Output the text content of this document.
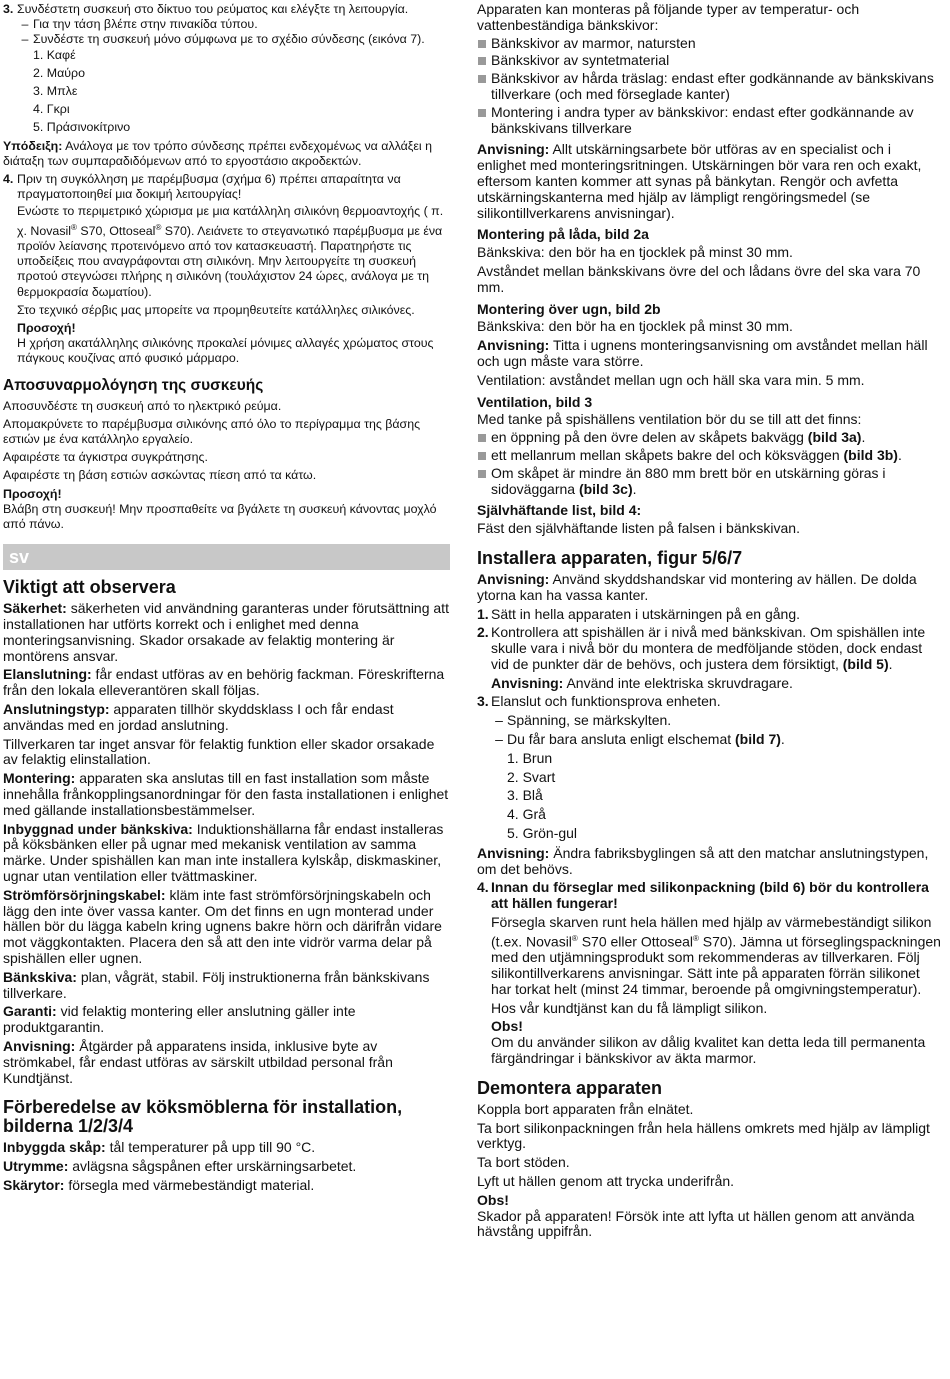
3. Συνδέστετη συσκευή στο δίκτυο του ρεύματος και ελέγξτε τη λειτουργία.
– Για την τάση βλέπε στην πινακίδα τύπου.
– Συνδέστε τη συσκευή μόνο σύμφωνα με το σχέδιο σύνδεσης (εικόνα 7).
1. Καφέ
2. Μαύρο
3. Μπλε
4. Γκρι
5. Πράσινοκίτρινο

Υπόδειξη: Ανάλογα με τον τρόπο σύνδεσης πρέπει ενδεχομένως να αλλάξει η διάταξη των συμπαραδιδόμενων από το εργοστάσιο ακροδεκτών.

4. Πριν τη συγκόλληση με παρέμβυσμα (σχήμα 6) πρέπει απαραίτητα να πραγματοποιηθεί μια δοκιμή λειτουργίας!

Ενώστε το περιμετρικό χώρισμα με μια κατάλληλη σιλικόνη θερμοαντοχής ( π. χ. Novasil® S70, Ottoseal® S70). Λειάνετε το στεγανωτικό παρέμβυσμα με ένα προϊόν λείανσης προτεινόμενο από τον κατασκευαστή. Παρατηρήστε τις υποδείξεις που αναγράφονται στη σιλικόνη. Μην λειτουργείτε τη συσκευή προτού στεγνώσει πλήρης η σιλικόνη (τουλάχιστον 24 ώρες, ανάλογα με τη θερμοκρασία δωματίου).

Στο τεχνικό σέρβις μας μπορείτε να προμηθευτείτε κατάλληλες σιλικόνες.

Προσοχή!
Η χρήση ακατάλληλης σιλικόνης προκαλεί μόνιμες αλλαγές χρώματος στους πάγκους κουζίνας από φυσικό μάρμαρο.
Αποσυναρμολόγηση της συσκευής

Αποσυνδέστε τη συσκευή από το ηλεκτρικό ρεύμα.

Απομακρύνετε το παρέμβυσμα σιλικόνης από όλο το περίγραμμα της βάσης εστιών με ένα κατάλληλο εργαλείο.

Αφαιρέστε τα άγκιστρα συγκράτησης.

Αφαιρέστε τη βάση εστιών ασκώντας πίεση από τα κάτω.

Προσοχή!
Βλάβη στη συσκευή! Μην προσπαθείτε να βγάλετε τη συσκευή κάνοντας μοχλό από πάνω.
sv
Viktigt att observera

Säkerhet: säkerheten vid användning garanteras under förutsättning att installationen har utförts korrekt och i enlighet med denna monteringsanvisning. Skador orsakade av felaktig montering är montörens ansvar.

Elanslutning: får endast utföras av en behörig fackman. Föreskrifterna från den lokala elleverantören skall följas.

Anslutningstyp: apparaten tillhör skyddsklass I och får endast användas med en jordad anslutning.

Tillverkaren tar inget ansvar för felaktig funktion eller skador orsakade av felaktig elinstallation.

Montering: apparaten ska anslutas till en fast installation som måste innehålla frånkopplingsanordningar för den fasta installationen i enlighet med gällande installationsbestämmelser.

Inbyggnad under bänkskiva: Induktionshällarna får endast installeras på köksbänken eller på ugnar med mekanisk ventilation av samma märke. Under spishällen kan man inte installera kylskåp, diskmaskiner, ugnar utan ventilation eller tvättmaskiner.

Strömförsörjningskabel: kläm inte fast strömförsörjningskabeln och lägg den inte över vassa kanter. Om det finns en ugn monterad under hällen bör du lägga kabeln kring ugnens bakre hörn och därifrån vidare mot väggkontakten. Placera den så att den inte vidrör varma delar på spishällen eller ugnen.

Bänkskiva: plan, vågrät, stabil. Följ instruktionerna från bänkskivans tillverkare.

Garanti: vid felaktig montering eller anslutning gäller inte produktgarantin.

Anvisning: Åtgärder på apparatens insida, inklusive byte av strömkabel, får endast utföras av särskilt utbildad personal från Kundtjänst.

Förberedelse av köksmöblerna för installation, bilderna 1/2/3/4

Inbyggda skåp: tål temperaturer på upp till 90 °C.

Utrymme: avlägsna sågspånen efter urskärningsarbetet.

Skärytor: försegla med värmebeständigt material.

Apparaten kan monteras på följande typer av temperatur- och vattenbeständiga bänkskivor:

Bänkskivor av marmor, natursten
Bänkskivor av syntetmaterial
Bänkskivor av hårda träslag: endast efter godkännande av bänkskivans tillverkare (och med förseglade kanter)
Montering i andra typer av bänkskivor: endast efter godkännande av bänkskivans tillverkare

Anvisning: Allt utskärningsarbete bör utföras av en specialist och i enlighet med monteringsritningen. Utskärningen bör vara ren och exakt, eftersom kanten kommer att synas på bänkytan. Rengör och avfetta utskärningskanterna med hjälp av lämpligt rengöringsmedel (se silikontillverkarens anvisningar).

Montering på låda, bild 2a

Bänkskiva: den bör ha en tjocklek på minst 30 mm.

Avståndet mellan bänkskivans övre del och lådans övre del ska vara 70 mm.

Montering över ugn, bild 2b

Bänkskiva: den bör ha en tjocklek på minst 30 mm.

Anvisning: Titta i ugnens monteringsanvisning om avståndet mellan häll och ugn måste vara större.

Ventilation: avståndet mellan ugn och häll ska vara min. 5 mm.

Ventilation, bild 3

Med tanke på spishällens ventilation bör du se till att det finns:

en öppning på den övre delen av skåpets bakvägg (bild 3a).
ett mellanrum mellan skåpets bakre del och köksväggen (bild 3b).
Om skåpet är mindre än 880 mm brett bör en utskärning göras i sidoväggarna (bild 3c).
Självhäftande list, bild 4:

Fäst den självhäftande listen på falsen i bänkskivan.

Installera apparaten, figur 5/6/7

Anvisning: Använd skyddshandskar vid montering av hällen. De dolda ytorna kan ha vassa kanter.

1. Sätt in hella apparaten i utskärningen på en gång.
2. Kontrollera att spishällen är i nivå med bänkskivan. Om spishällen inte skulle vara i nivå bör du montera de medföljande stöden, dock endast vid de punkter där de behövs, och justera dem försiktigt, (bild 5).

Anvisning: Använd inte elektriska skruvdragare.

3. Elanslut och funktionsprova enheten.
– Spänning, se märkskylten.
– Du får bara ansluta enligt elschemat (bild 7).
1. Brun
2. Svart
3. Blå
4. Grå
5. Grön-gul

Anvisning: Ändra fabriksbyglingen så att den matchar anslutningstypen, om det behövs.

4. Innan du förseglar med silikonpackning (bild 6) bör du kontrollera att hällen fungerar!

Försegla skarven runt hela hällen med hjälp av värmebeständigt silikon (t.ex. Novasil® S70 eller Ottoseal® S70). Jämna ut förseglingspackningen med den utjämningsprodukt som rekommenderas av tillverkaren. Följ silikontillverkarens anvisningar. Sätt inte på apparaten förrän silikonet har torkat helt (minst 24 timmar, beroende på omgivningstemperatur).

Hos vår kundtjänst kan du få lämpligt silikon.

Obs!
Om du använder silikon av dålig kvalitet kan detta leda till permanenta färgändringar i bänkskivor av äkta marmor.
Demontera apparaten

Koppla bort apparaten från elnätet.

Ta bort silikonpackningen från hela hällens omkrets med hjälp av lämpligt verktyg.

Ta bort stöden.

Lyft ut hällen genom att trycka underifrån.

Obs!
Skador på apparaten! Försök inte att lyfta ut hällen genom att använda hävstång uppifrån.
